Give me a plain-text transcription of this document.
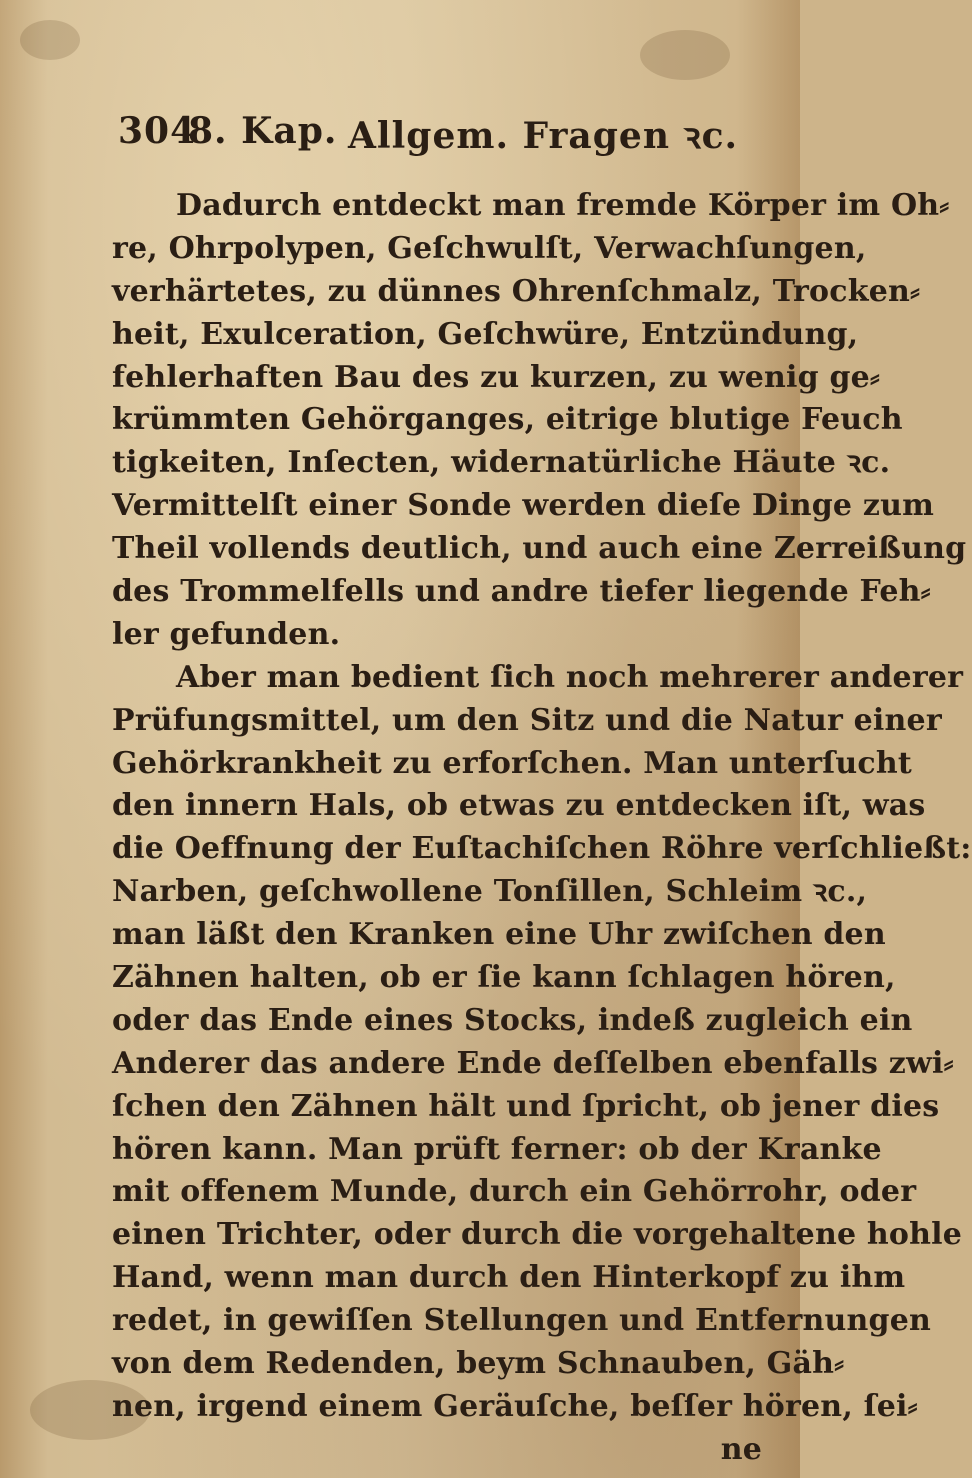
304
8. Kap. Allgem. Fragen ꝛc.
Dadurch entdeckt man fremde Körper im Oh⸗
re, Ohrpolypen, Geſchwulſt, Verwachſungen,
verhärtetes, zu dünnes Ohrenſchmalz, Trocken⸗
heit, Exulceration, Geſchwüre, Entzündung,
fehlerhaften Bau des zu kurzen, zu wenig ge⸗
krümmten Gehörganges, eitrige blutige Feuch
tigkeiten, Inſecten, widernatürliche Häute ꝛc.
Vermittelſt einer Sonde werden dieſe Dinge zum
Theil vollends deutlich, und auch eine Zerreißung
des Trommelfells und andre tiefer liegende Feh⸗
ler gefunden.
Aber man bedient ſich noch mehrerer anderer
Prüfungsmittel, um den Sitz und die Natur einer
Gehörkrankheit zu erforſchen. Man unterſucht
den innern Hals, ob etwas zu entdecken iſt, was
die Oeffnung der Euſtachiſchen Röhre verſchließt:
Narben, geſchwollene Tonſillen, Schleim ꝛc.,
man läßt den Kranken eine Uhr zwiſchen den
Zähnen halten, ob er ſie kann ſchlagen hören,
oder das Ende eines Stocks, indeß zugleich ein
Anderer das andere Ende deſſelben ebenfalls zwi⸗
ſchen den Zähnen hält und ſpricht, ob jener dies
hören kann. Man prüft ferner: ob der Kranke
mit offenem Munde, durch ein Gehörrohr, oder
einen Trichter, oder durch die vorgehaltene hohle
Hand, wenn man durch den Hinterkopf zu ihm
redet, in gewiſſen Stellungen und Entfernungen
von dem Redenden, beym Schnauben, Gäh⸗
nen, irgend einem Geräuſche, beſſer hören, ſei⸗
ne
